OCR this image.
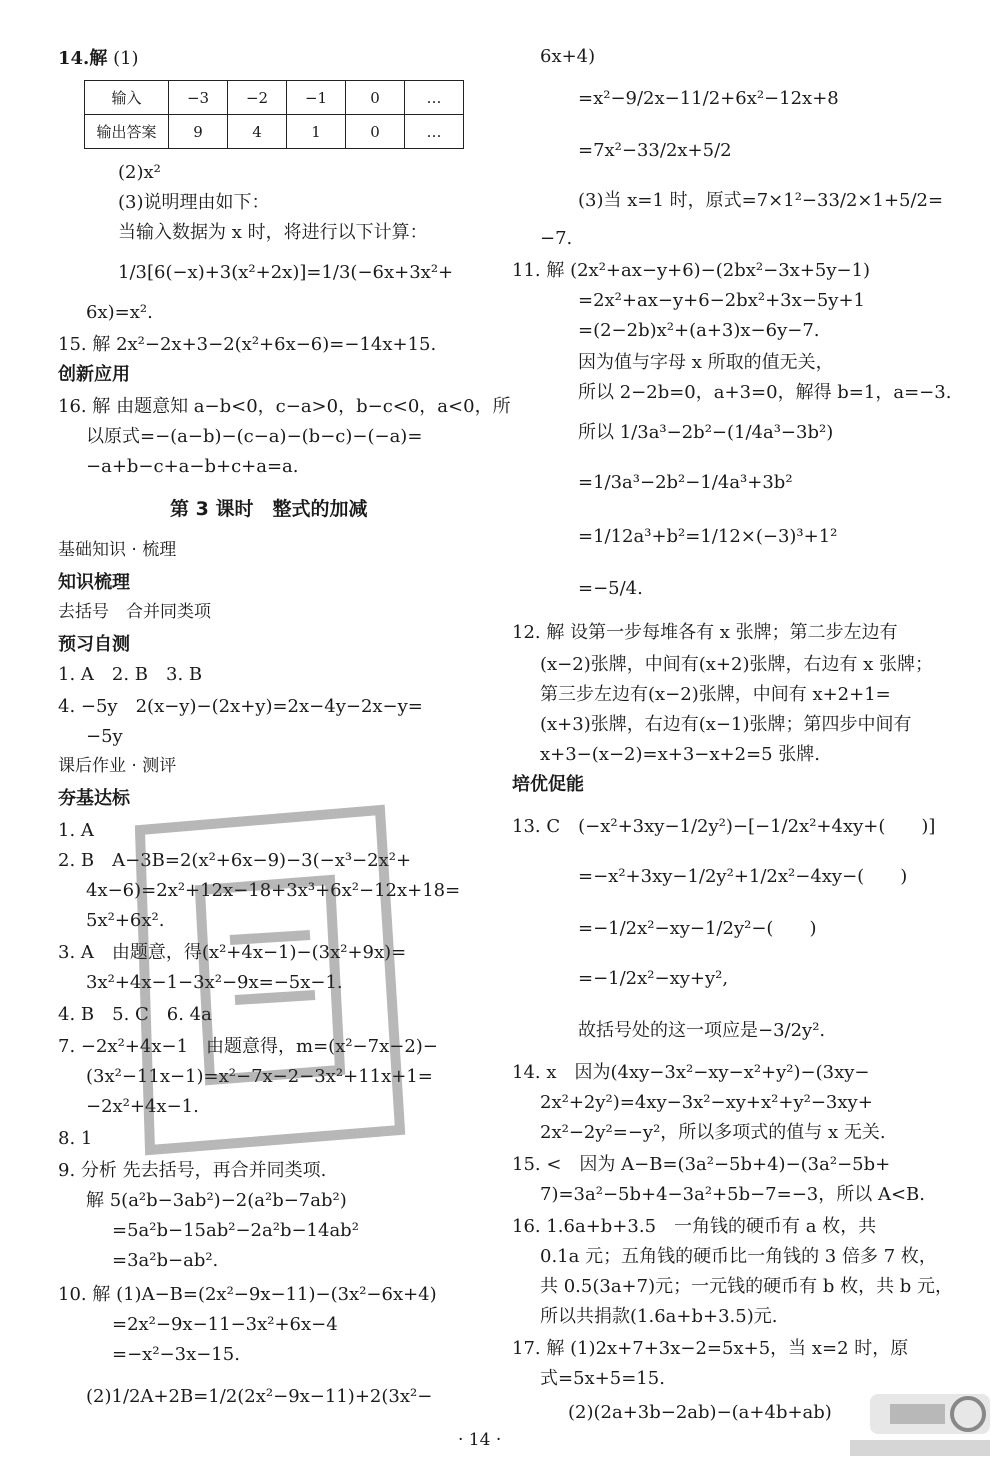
14.解 (1)
输入	−3	−2	−1	0	…
输出答案	9	4	1	0	…
(2)x²
(3)说明理由如下：
当输入数据为 x 时，将进行以下计算：
1/3[6(−x)+3(x²+2x)]=1/3(−6x+3x²+
6x)=x².
15. 解 2x²−2x+3−2(x²+6x−6)=−14x+15.
创新应用
16. 解 由题意知 a−b<0，c−a>0，b−c<0，a<0，所
以原式=−(a−b)−(c−a)−(b−c)−(−a)=
−a+b−c+a−b+c+a=a.
第 3 课时　整式的加减
基础知识 · 梳理
知识梳理
去括号　合并同类项
预习自测
1. A　2. B　3. B
4. −5y　2(x−y)−(2x+y)=2x−4y−2x−y=
−5y
课后作业 · 测评
夯基达标
1. A
2. B　A−3B=2(x²+6x−9)−3(−x³−2x²+
4x−6)=2x²+12x−18+3x³+6x²−12x+18=
5x²+6x².
3. A　由题意，得(x²+4x−1)−(3x²+9x)=
3x²+4x−1−3x²−9x=−5x−1.
4. B　5. C　6. 4a
7. −2x²+4x−1　由题意得，m=(x²−7x−2)−
(3x²−11x−1)=x²−7x−2−3x²+11x+1=
−2x²+4x−1.
8. 1
9. 分析 先去括号，再合并同类项.
解 5(a²b−3ab²)−2(a²b−7ab²)
=5a²b−15ab²−2a²b−14ab²
=3a²b−ab².
10. 解 (1)A−B=(2x²−9x−11)−(3x²−6x+4)
=2x²−9x−11−3x²+6x−4
=−x²−3x−15.
(2)1/2A+2B=1/2(2x²−9x−11)+2(3x²−
6x+4)
=x²−9/2x−11/2+6x²−12x+8
=7x²−33/2x+5/2
(3)当 x=1 时，原式=7×1²−33/2×1+5/2=
−7.
11. 解 (2x²+ax−y+6)−(2bx²−3x+5y−1)
=2x²+ax−y+6−2bx²+3x−5y+1
=(2−2b)x²+(a+3)x−6y−7.
因为值与字母 x 所取的值无关，
所以 2−2b=0，a+3=0，解得 b=1，a=−3.
所以 1/3a³−2b²−(1/4a³−3b²)
=1/3a³−2b²−1/4a³+3b²
=1/12a³+b²=1/12×(−3)³+1²
=−5/4.
12. 解 设第一步每堆各有 x 张牌；第二步左边有
(x−2)张牌，中间有(x+2)张牌，右边有 x 张牌；
第三步左边有(x−2)张牌，中间有 x+2+1=
(x+3)张牌，右边有(x−1)张牌；第四步中间有
x+3−(x−2)=x+3−x+2=5 张牌.
培优促能
13. C　(−x²+3xy−1/2y²)−[−1/2x²+4xy+(　　)]
=−x²+3xy−1/2y²+1/2x²−4xy−(　　)
=−1/2x²−xy−1/2y²−(　　)
=−1/2x²−xy+y²,
故括号处的这一项应是−3/2y².
14. x　因为(4xy−3x²−xy−x²+y²)−(3xy−
2x²+2y²)=4xy−3x²−xy+x²+y²−3xy+
2x²−2y²=−y²，所以多项式的值与 x 无关.
15. <　因为 A−B=(3a²−5b+4)−(3a²−5b+
7)=3a²−5b+4−3a²+5b−7=−3，所以 A<B.
16. 1.6a+b+3.5　一角钱的硬币有 a 枚，共
0.1a 元；五角钱的硬币比一角钱的 3 倍多 7 枚，
共 0.5(3a+7)元；一元钱的硬币有 b 枚，共 b 元，
所以共捐款(1.6a+b+3.5)元.
17. 解 (1)2x+7+3x−2=5x+5，当 x=2 时，原
式=5x+5=15.
(2)(2a+3b−2ab)−(a+4b+ab)
· 14 ·
